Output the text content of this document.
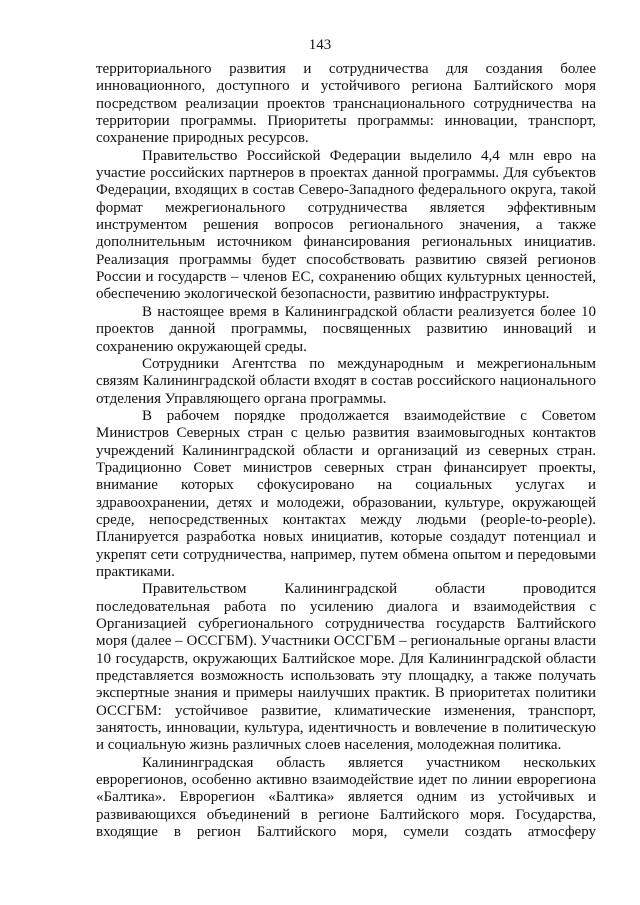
143

территориального развития и сотрудничества для создания более инновационного, доступного и устойчивого региона Балтийского моря посредством реализации проектов транснационального сотрудничества на территории программы. Приоритеты программы: инновации, транспорт, сохранение природных ресурсов.

Правительство Российской Федерации выделило 4,4 млн евро на участие российских партнеров в проектах данной программы. Для субъектов Федерации, входящих в состав Северо-Западного федерального округа, такой формат межрегионального сотрудничества является эффективным инструментом решения вопросов регионального значения, а также дополнительным источником финансирования региональных инициатив. Реализация программы будет способствовать развитию связей регионов России и государств – членов ЕС, сохранению общих культурных ценностей, обеспечению экологической безопасности, развитию инфраструктуры.

В настоящее время в Калининградской области реализуется более 10 проектов данной программы, посвященных развитию инноваций и сохранению окружающей среды.

Сотрудники Агентства по международным и межрегиональным связям Калининградской области входят в состав российского национального отделения Управляющего органа программы.

В рабочем порядке продолжается взаимодействие с Советом Министров Северных стран с целью развития взаимовыгодных контактов учреждений Калининградской области и организаций из северных стран. Традиционно Совет министров северных стран финансирует проекты, внимание которых сфокусировано на социальных услугах и здравоохранении, детях и молодежи, образовании, культуре, окружающей среде, непосредственных контактах между людьми (people-to-people). Планируется разработка новых инициатив, которые создадут потенциал и укрепят сети сотрудничества, например, путем обмена опытом и передовыми практиками.

Правительством Калининградской области проводится последовательная работа по усилению диалога и взаимодействия с Организацией субрегионального сотрудничества государств Балтийского моря (далее – ОССГБМ). Участники ОССГБМ – региональные органы власти 10 государств, окружающих Балтийское море. Для Калининградской области представляется возможность использовать эту площадку, а также получать экспертные знания и примеры наилучших практик. В приоритетах политики ОССГБМ: устойчивое развитие, климатические изменения, транспорт, занятость, инновации, культура, идентичность и вовлечение в политическую и социальную жизнь различных слоев населения, молодежная политика.

Калининградская область является участником нескольких еврорегионов, особенно активно взаимодействие идет по линии еврорегиона «Балтика». Еврорегион «Балтика» является одним из устойчивых и развивающихся объединений в регионе Балтийского моря. Государства, входящие в регион Балтийского моря, сумели создать атмосферу
